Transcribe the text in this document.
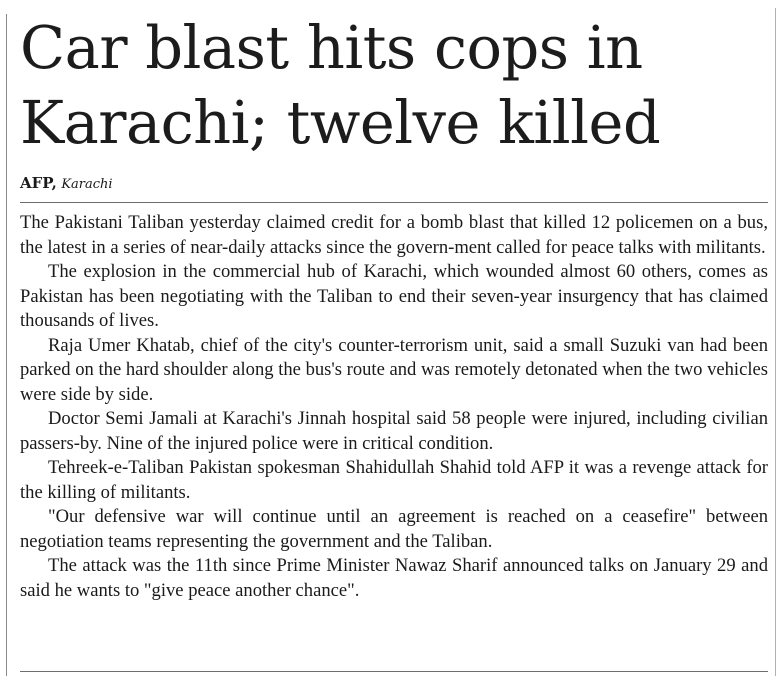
Car blast hits cops in Karachi; twelve killed
AFP, Karachi

The Pakistani Taliban yesterday claimed credit for a bomb blast that killed 12 policemen on a bus, the latest in a series of near-daily attacks since the govern-ment called for peace talks with militants.

The explosion in the commercial hub of Karachi, which wounded almost 60 others, comes as Pakistan has been negotiating with the Taliban to end their seven-year insurgency that has claimed thousands of lives.

Raja Umer Khatab, chief of the city's counter-terrorism unit, said a small Suzuki van had been parked on the hard shoulder along the bus's route and was remotely detonated when the two vehicles were side by side.

Doctor Semi Jamali at Karachi's Jinnah hospital said 58 people were injured, including civilian passers-by. Nine of the injured police were in critical condition.

Tehreek-e-Taliban Pakistan spokesman Shahidullah Shahid told AFP it was a revenge attack for the killing of militants.

"Our defensive war will continue until an agreement is reached on a ceasefire" between negotiation teams representing the government and the Taliban.

The attack was the 11th since Prime Minister Nawaz Sharif announced talks on January 29 and said he wants to "give peace another chance".
